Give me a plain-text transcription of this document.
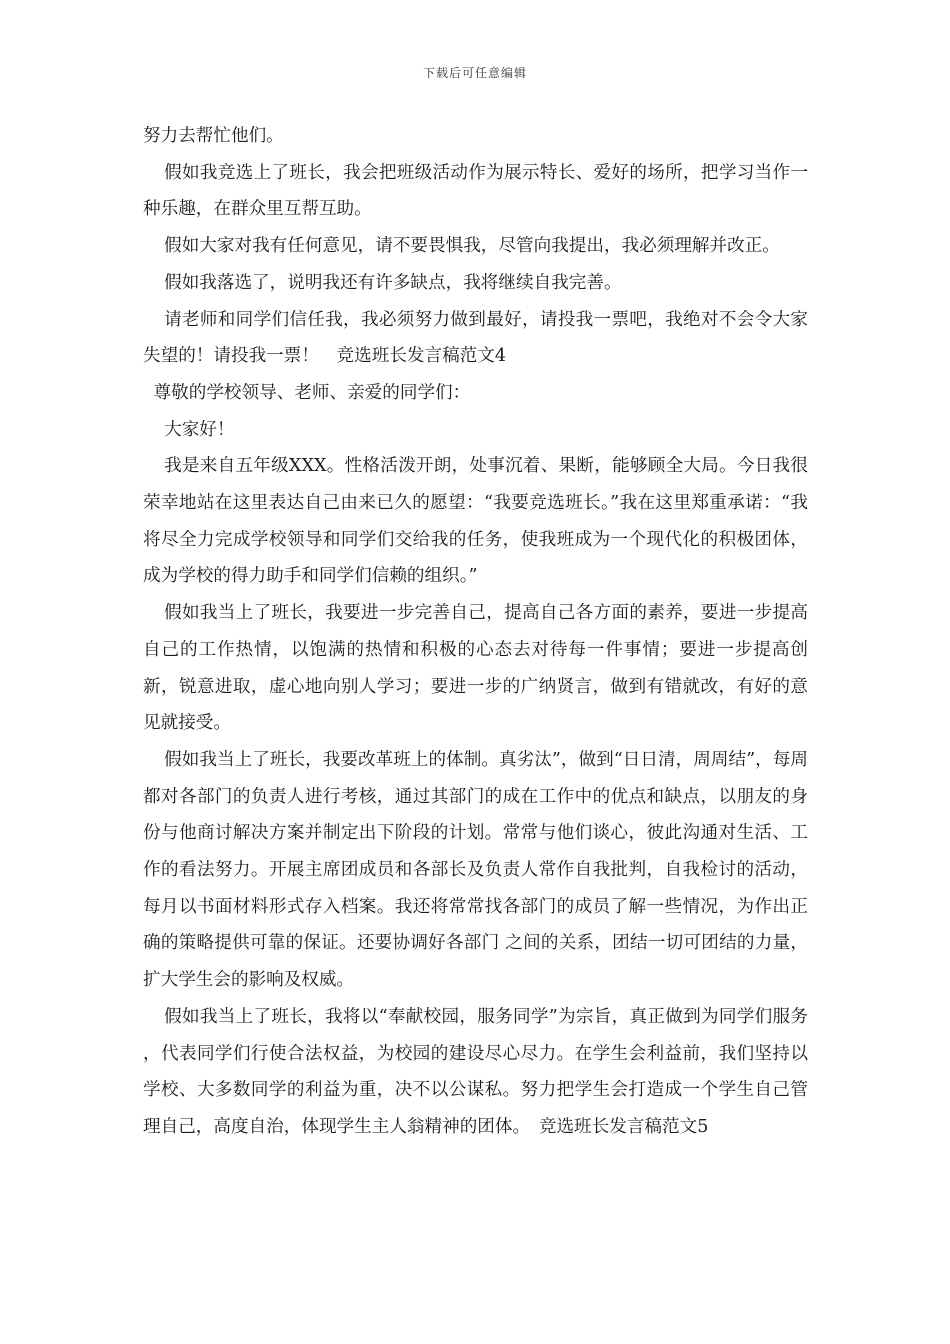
下载后可任意编辑

努力去帮忙他们。

假如我竞选上了班长，我会把班级活动作为展示特长、爱好的场所，把学习当作一种乐趣，在群众里互帮互助。

假如大家对我有任何意见，请不要畏惧我，尽管向我提出，我必须理解并改正。

假如我落选了，说明我还有许多缺点，我将继续自我完善。

请老师和同学们信任我，我必须努力做到最好，请投我一票吧，我绝对不会令大家失望的！请投我一票！　竞选班长发言稿范文4

尊敬的学校领导、老师、亲爱的同学们：

大家好！

我是来自五年级XXX。性格活泼开朗，处事沉着、果断，能够顾全大局。今日我很荣幸地站在这里表达自己由来已久的愿望：“我要竞选班长。”我在这里郑重承诺：“我将尽全力完成学校领导和同学们交给我的任务，使我班成为一个现代化的积极团体，成为学校的得力助手和同学们信赖的组织。”

假如我当上了班长，我要进一步完善自己，提高自己各方面的素养，要进一步提高自己的工作热情，以饱满的热情和积极的心态去对待每一件事情；要进一步提高创新，锐意进取，虚心地向别人学习；要进一步的广纳贤言，做到有错就改，有好的意见就接受。

假如我当上了班长，我要改革班上的体制。真劣汰”，做到“日日清，周周结”，每周都对各部门的负责人进行考核，通过其部门的成在工作中的优点和缺点，以朋友的身份与他商讨解决方案并制定出下阶段的计划。常常与他们谈心，彼此沟通对生活、工作的看法努力。开展主席团成员和各部长及负责人常作自我批判，自我检讨的活动，每月以书面材料形式存入档案。我还将常常找各部门的成员了解一些情况，为作出正确的策略提供可靠的保证。还要协调好各部门 之间的关系，团结一切可团结的力量，扩大学生会的影响及权威。

假如我当上了班长，我将以“奉献校园，服务同学”为宗旨，真正做到为同学们服务 ，代表同学们行使合法权益，为校园的建设尽心尽力。在学生会利益前，我们坚持以学校、大多数同学的利益为重，决不以公谋私。努力把学生会打造成一个学生自己管理自己，高度自治，体现学生主人翁精神的团体。　竞选班长发言稿范文5
